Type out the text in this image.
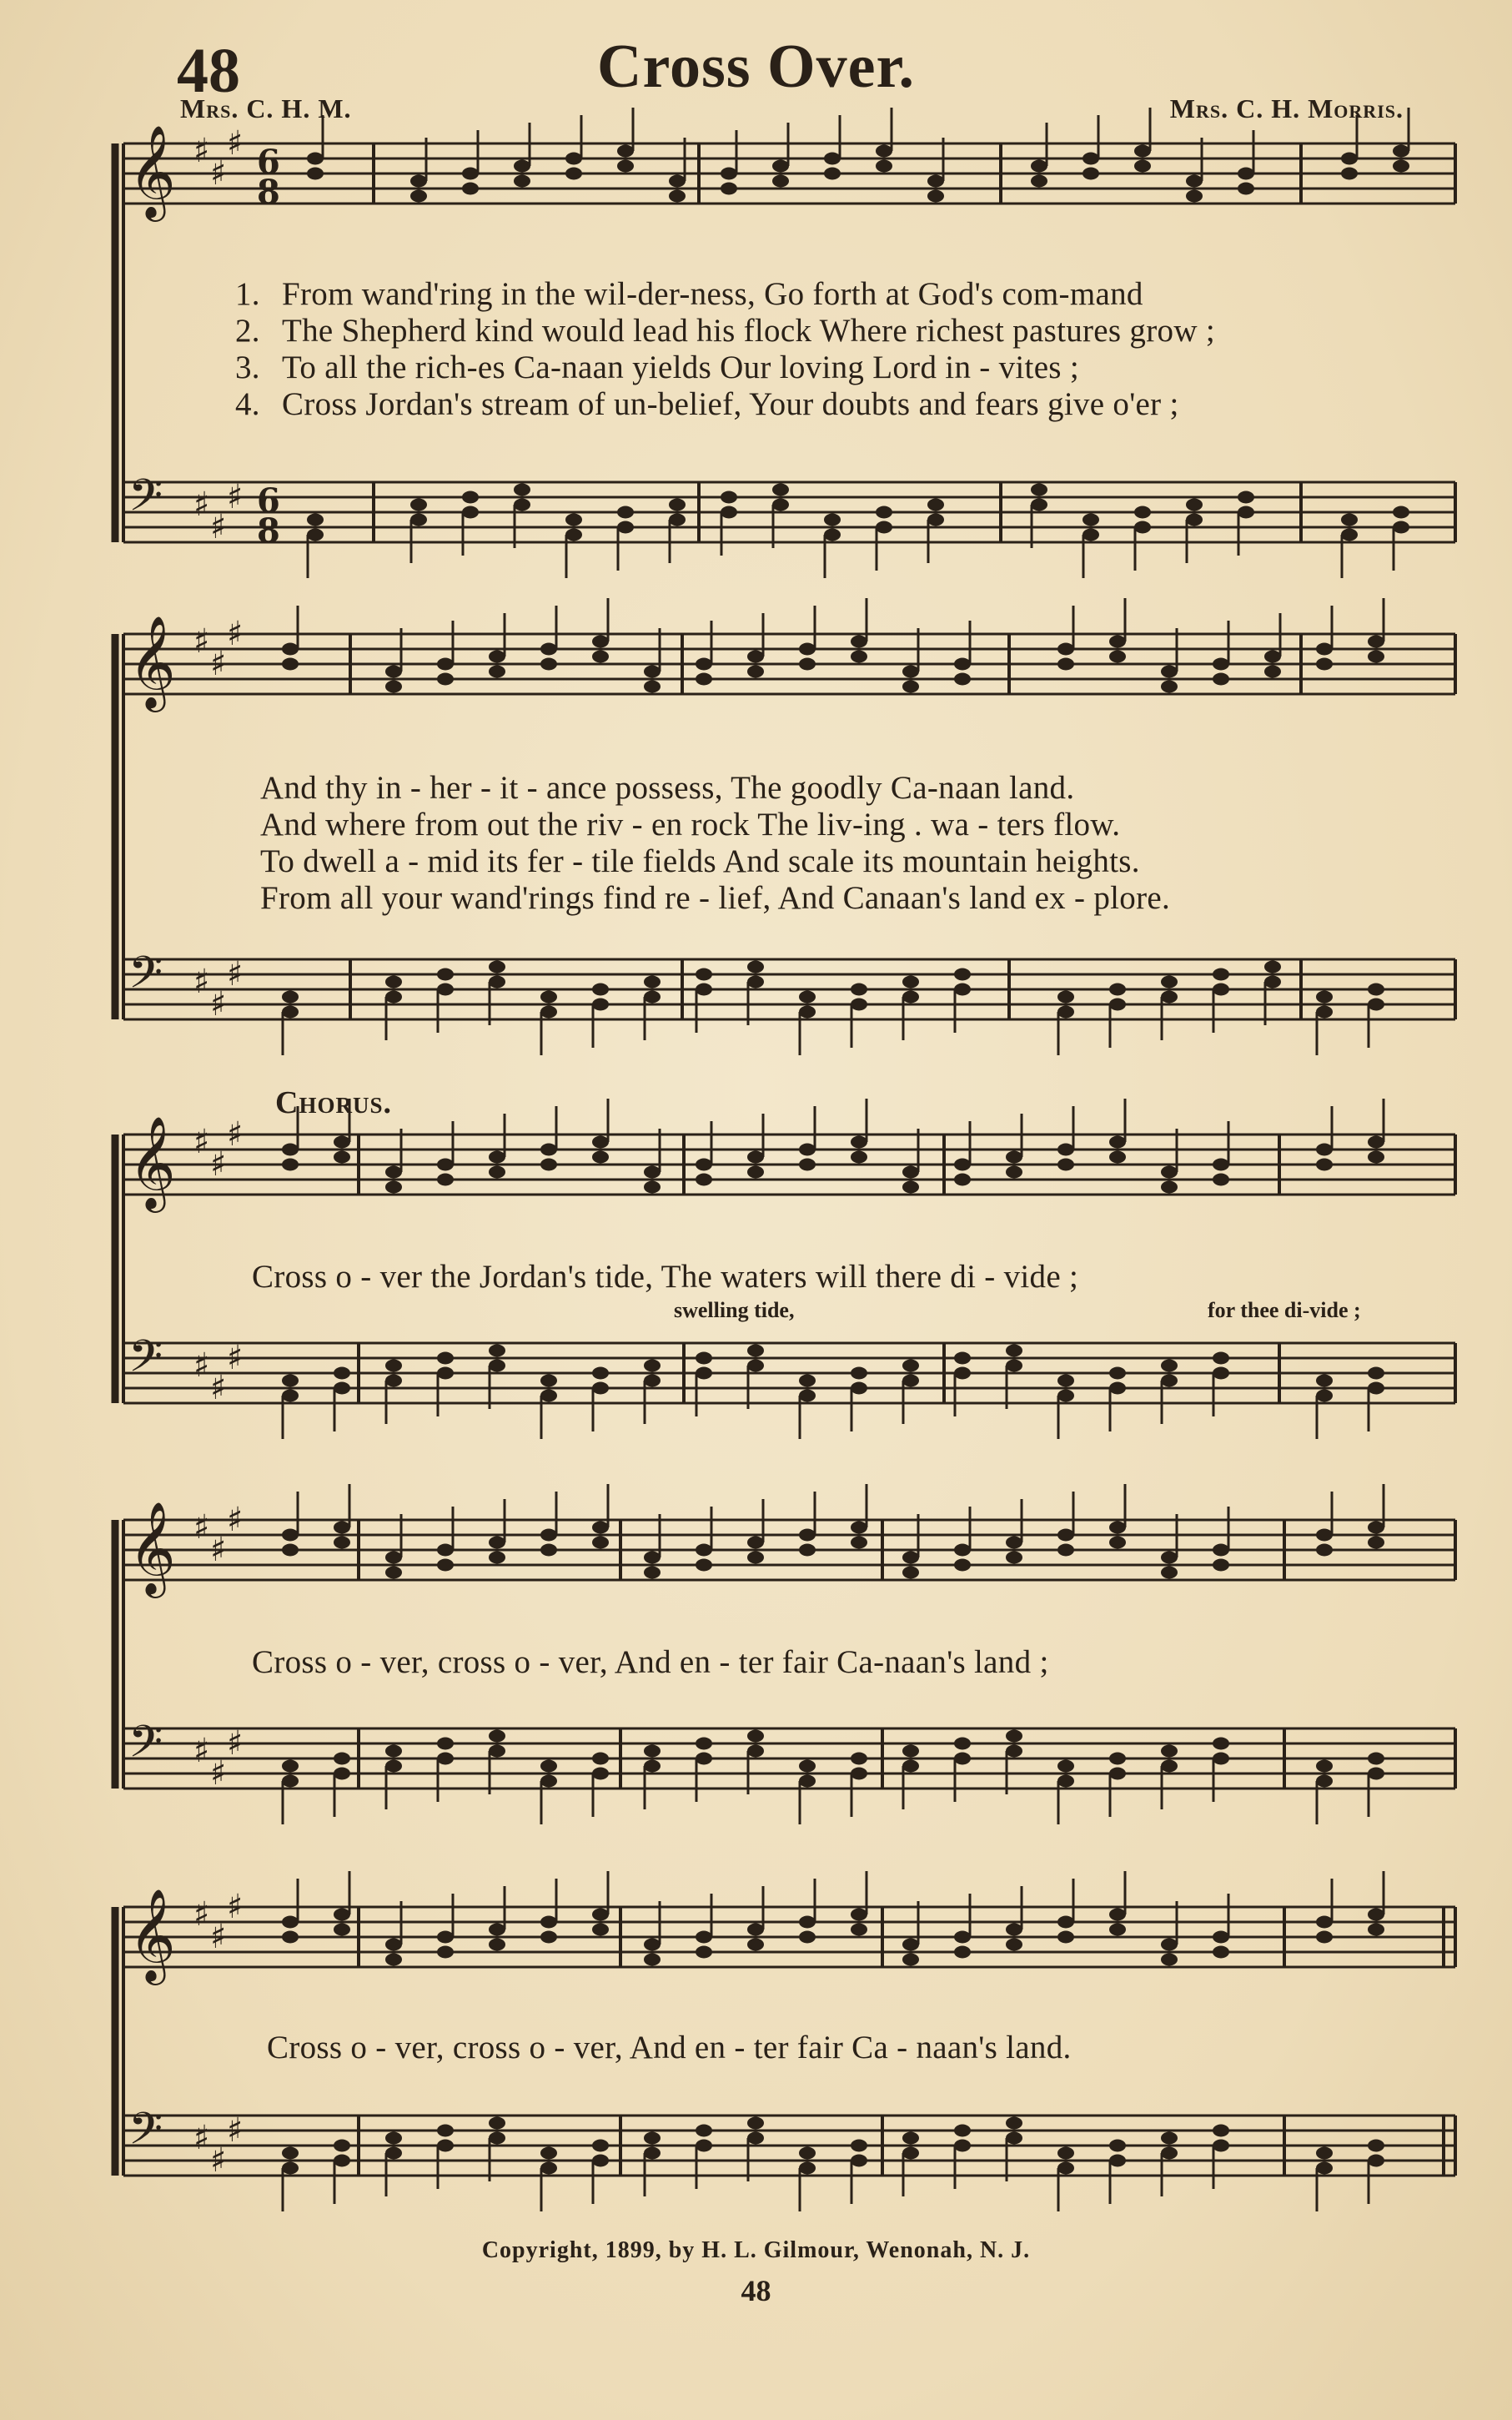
48	Cross Over.
Mrs. C. H. M.	Mrs. C. H. Morris.
𝄞 ♯
♯
♯ 6
8
𝄢 ♯
♯
♯ 6
8
𝄞 ♯
♯
♯
𝄢 ♯
♯
♯
𝄞 ♯
♯
♯
𝄢 ♯
♯
♯
𝄞 ♯
♯
♯
𝄢 ♯
♯
♯
𝄞 ♯
♯
♯
𝄢 ♯
♯
♯
1. From wand'ring in the wil-der-ness, Go forth at God's com-mand
2. The Shepherd kind would lead his flock Where richest pastures grow ;
3. To all the rich-es Ca-naan yields Our loving Lord in - vites ;
4. Cross Jordan's stream of un-belief, Your doubts and fears give o'er ;
And thy in - her - it - ance possess, The goodly Ca-naan land.
And where from out the riv - en rock The liv-ing . wa - ters flow.
To dwell a - mid its fer - tile fields And scale its mountain heights.
From all your wand'rings find re - lief, And Canaan's land ex - plore.
Chorus.
Cross o - ver the Jordan's tide, The waters will there di - vide ;
swelling tide,	for thee di-vide ;
Cross o - ver, cross o - ver, And en - ter fair Ca-naan's land ;
Cross o - ver, cross o - ver, And en - ter fair Ca - naan's land.
Copyright, 1899, by H. L. Gilmour, Wenonah, N. J.
48
